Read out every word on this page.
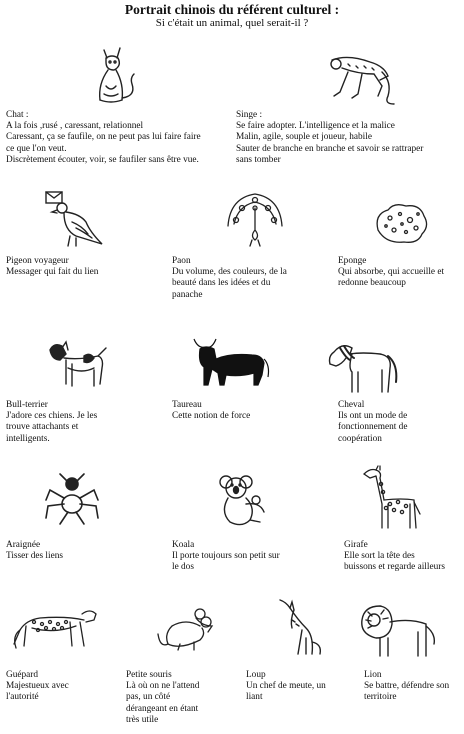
Portrait chinois du référent culturel :
Si c'était un animal, quel serait-il ?
Chat :
A la fois ,rusé , caressant, relationnel
Caressant, ça se faufile, on ne peut pas lui faire faire
ce que l'on veut.
Discrètement écouter, voir, se faufiler sans être vue.
Singe :
Se faire adopter. L'intelligence et la malice
Malin, agile, souple et joueur, habile
Sauter de branche en branche et savoir se rattraper
sans tomber
Pigeon voyageur
Messager qui fait du lien
Paon
Du volume, des couleurs, de la
beauté dans les idées et du
panache
Eponge
Qui absorbe, qui accueille et
redonne beaucoup
Bull-terrier
J'adore ces chiens. Je les
trouve attachants et
intelligents.
Taureau
Cette notion de force
Cheval
Ils ont un mode de
fonctionnement de
coopération
Araignée
Tisser des liens
Koala
Il porte toujours son petit sur
le dos
Girafe
Elle sort la tête des
buissons et regarde ailleurs
Guépard
Majestueux avec
l'autorité
Petite souris
Là où on ne l'attend
pas, un côté
dérangeant en étant
très utile
Loup
Un chef de meute, un
liant
Lion
Se battre, défendre son
territoire
